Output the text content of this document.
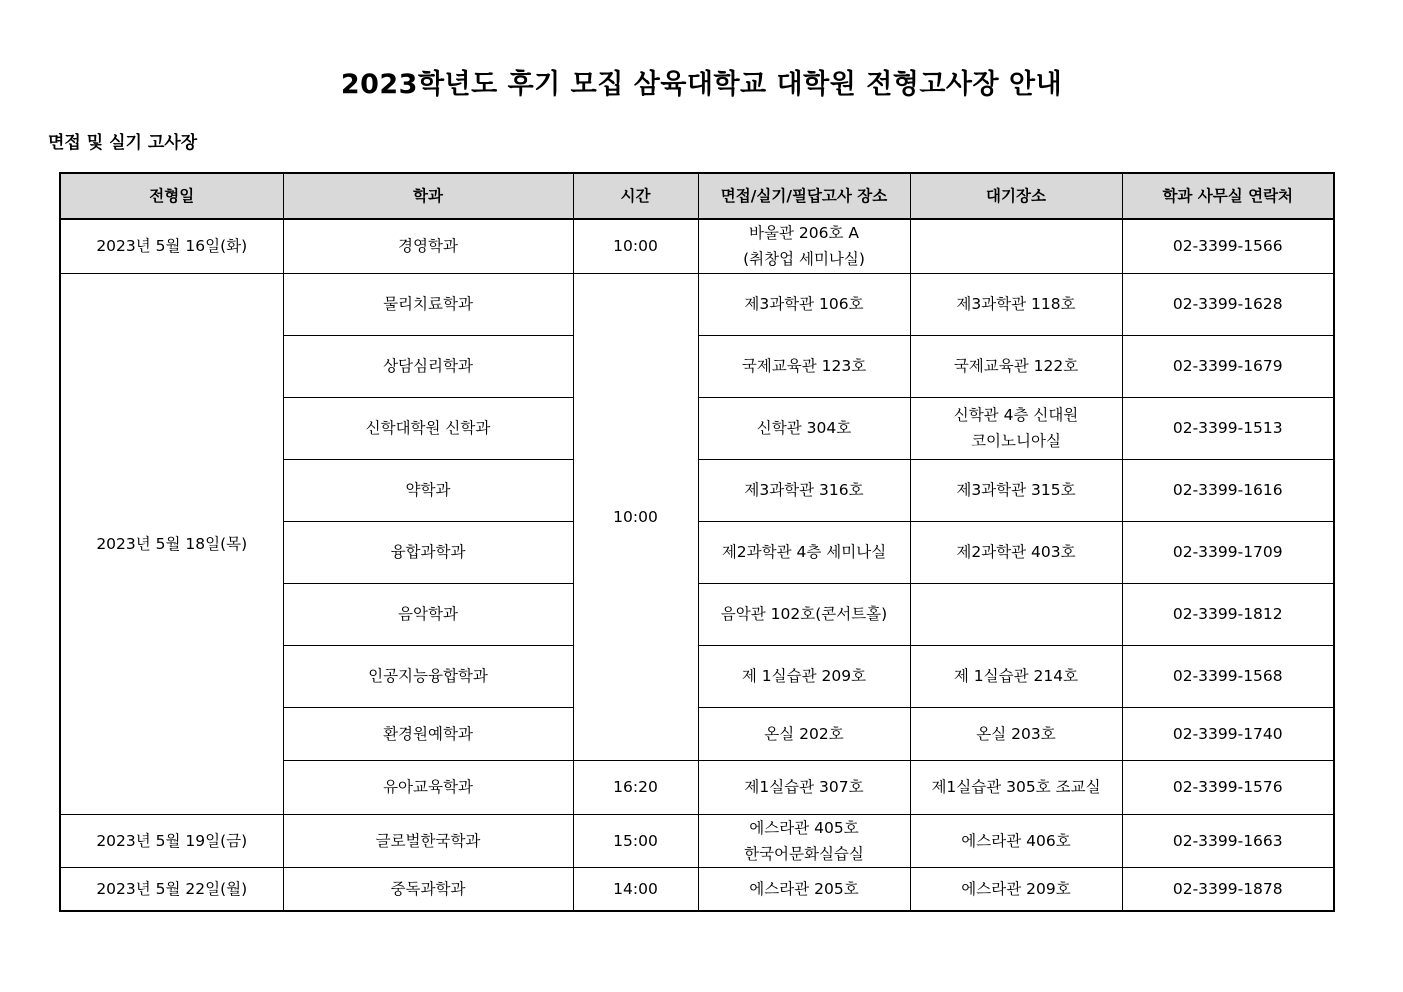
2023학년도 후기 모집 삼육대학교 대학원 전형고사장 안내
면접 및 실기 고사장
전형일	학과	시간	면접/실기/필답고사 장소	대기장소	학과 사무실 연락처
2023년 5월 16일(화)	경영학과	10:00	바울관 206호 A
(취창업 세미나실)		02-3399-1566
2023년 5월 18일(목)	물리치료학과	10:00	제3과학관 106호	제3과학관 118호	02-3399-1628
	상담심리학과		국제교육관 123호	국제교육관 122호	02-3399-1679
	신학대학원 신학과		신학관 304호	신학관 4층 신대원
코이노니아실	02-3399-1513
	약학과		제3과학관 316호	제3과학관 315호	02-3399-1616
	융합과학과		제2과학관 4층 세미나실	제2과학관 403호	02-3399-1709
	음악학과		음악관 102호(콘서트홀)		02-3399-1812
	인공지능융합학과		제 1실습관 209호	제 1실습관 214호	02-3399-1568
	환경원예학과		온실 202호	온실 203호	02-3399-1740
	유아교육학과	16:20	제1실습관 307호	제1실습관 305호 조교실	02-3399-1576
2023년 5월 19일(금)	글로벌한국학과	15:00	에스라관 405호
한국어문화실습실	에스라관 406호	02-3399-1663
2023년 5월 22일(월)	중독과학과	14:00	에스라관 205호	에스라관 209호	02-3399-1878
